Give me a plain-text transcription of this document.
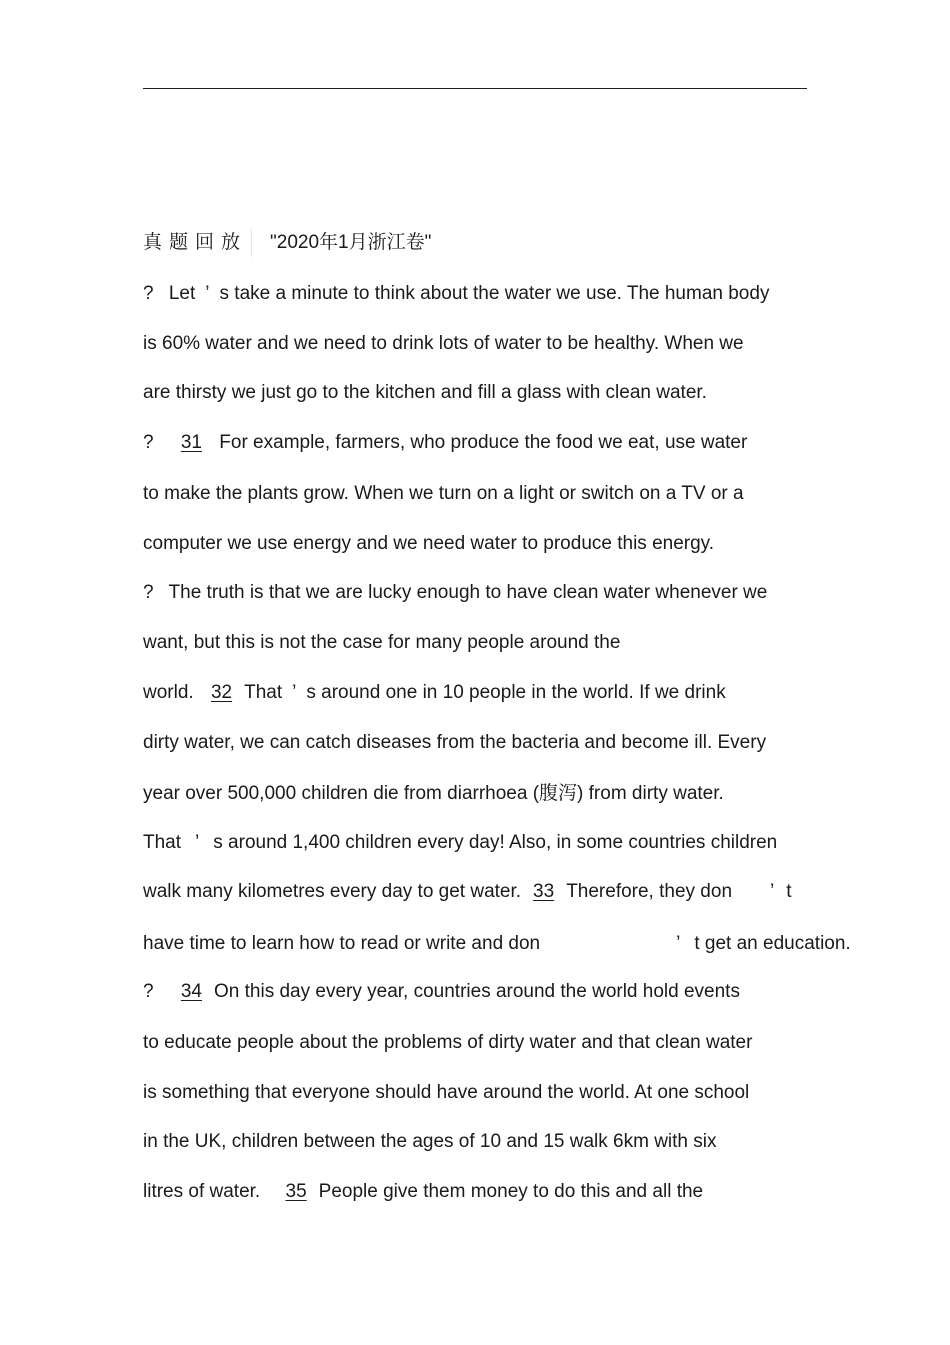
真题回放 "2020年1月浙江卷"
? Let ’ s take a minute to think about the water we use. The human body
is 60% water and we need to drink lots of water to be healthy. When we
are thirsty we just go to the kitchen and fill a glass with clean water.
? 31 For example, farmers, who produce the food we eat, use water
to make the plants grow. When we turn on a light or switch on a TV or a
computer we use energy and we need water to produce this energy.
? The truth is that we are lucky enough to have clean water whenever we
want, but this is not the case for many people around the
world. 32 That ’ s around one in 10 people in the world. If we drink
dirty water, we can catch diseases from the bacteria and become ill. Every
year over 500,000 children die from diarrhoea (腹泻) from dirty water.
That ’ s around 1,400 children every day! Also, in some countries children
walk many kilometres every day to get water. 33 Therefore, they don ’ t
have time to learn how to read or write and don	’ t get an education.
? 34 On this day every year, countries around the world hold events
to educate people about the problems of dirty water and that clean water
is something that everyone should have around the world. At one school
in the UK, children between the ages of 10 and 15 walk 6km with six
litres of water. 35 People give them money to do this and all the
